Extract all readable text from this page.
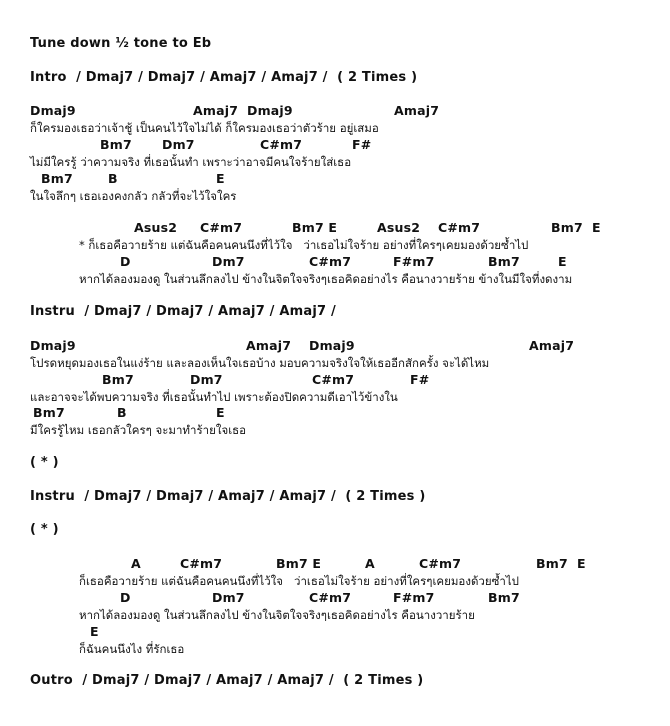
Tune down ½ tone to Eb
Intro  / Dmaj7 / Dmaj7 / Amaj7 / Amaj7 /  ( 2 Times )
Dmaj9	Amaj7 Dmaj9	Amaj7
ก็ใครมองเธอว่าเจ้าชู้ เป็นคนไว้ใจไม่ได้ ก็ใครมองเธอว่าตัวร้าย อยู่เสมอ
Bm7 Dm7	C#m7	F#
ไม่มีใครรู้ ว่าความจริง ที่เธอนั้นทำ เพราะว่าอาจมีคนใจร้ายใส่เธอ
Bm7	B	E
ในใจลึกๆ เธอเองคงกลัว กลัวที่จะไว้ใจใคร
Asus2 C#m7	Bm7 E	Asus2 C#m7	Bm7  E
* ก็เธอคือวายร้าย แต่ฉันคือคนคนนึงที่ไว้ใจ   ว่าเธอไม่ใจร้าย อย่างที่ใครๆเคยมองด้วยซ้ำไป
D	Dm7	C#m7	F#m7	Bm7	E
หากได้ลองมองดู ในส่วนลึกลงไป ข้างในจิตใจจริงๆเธอคิดอย่างไร คือนางวายร้าย ข้างในมีใจที่งดงาม
Instru  / Dmaj7 / Dmaj7 / Amaj7 / Amaj7 /
Dmaj9	Amaj7 Dmaj9	Amaj7
โปรดหยุดมองเธอในแง่ร้าย และลองเห็นใจเธอบ้าง มอบความจริงใจให้เธออีกสักครั้ง จะได้ไหม
Bm7	Dm7	C#m7	F#
และอาจจะได้พบความจริง ที่เธอนั้นทำไป เพราะต้องปิดความดีเอาไว้ข้างใน
Bm7	B	E
มีใครรู้ไหม เธอกลัวใครๆ จะมาทำร้ายใจเธอ
( * )
Instru  / Dmaj7 / Dmaj7 / Amaj7 / Amaj7 /  ( 2 Times )
( * )
A	C#m7	Bm7 E	A	C#m7	Bm7  E
ก็เธอคือวายร้าย แต่ฉันคือคนคนนึงที่ไว้ใจ   ว่าเธอไม่ใจร้าย อย่างที่ใครๆเคยมองด้วยซ้ำไป
D	Dm7	C#m7	F#m7	Bm7
หากได้ลองมองดู ในส่วนลึกลงไป ข้างในจิตใจจริงๆเธอคิดอย่างไร คือนางวายร้าย
E
ก็ฉันคนนึงไง ที่รักเธอ
Outro  / Dmaj7 / Dmaj7 / Amaj7 / Amaj7 /  ( 2 Times )
